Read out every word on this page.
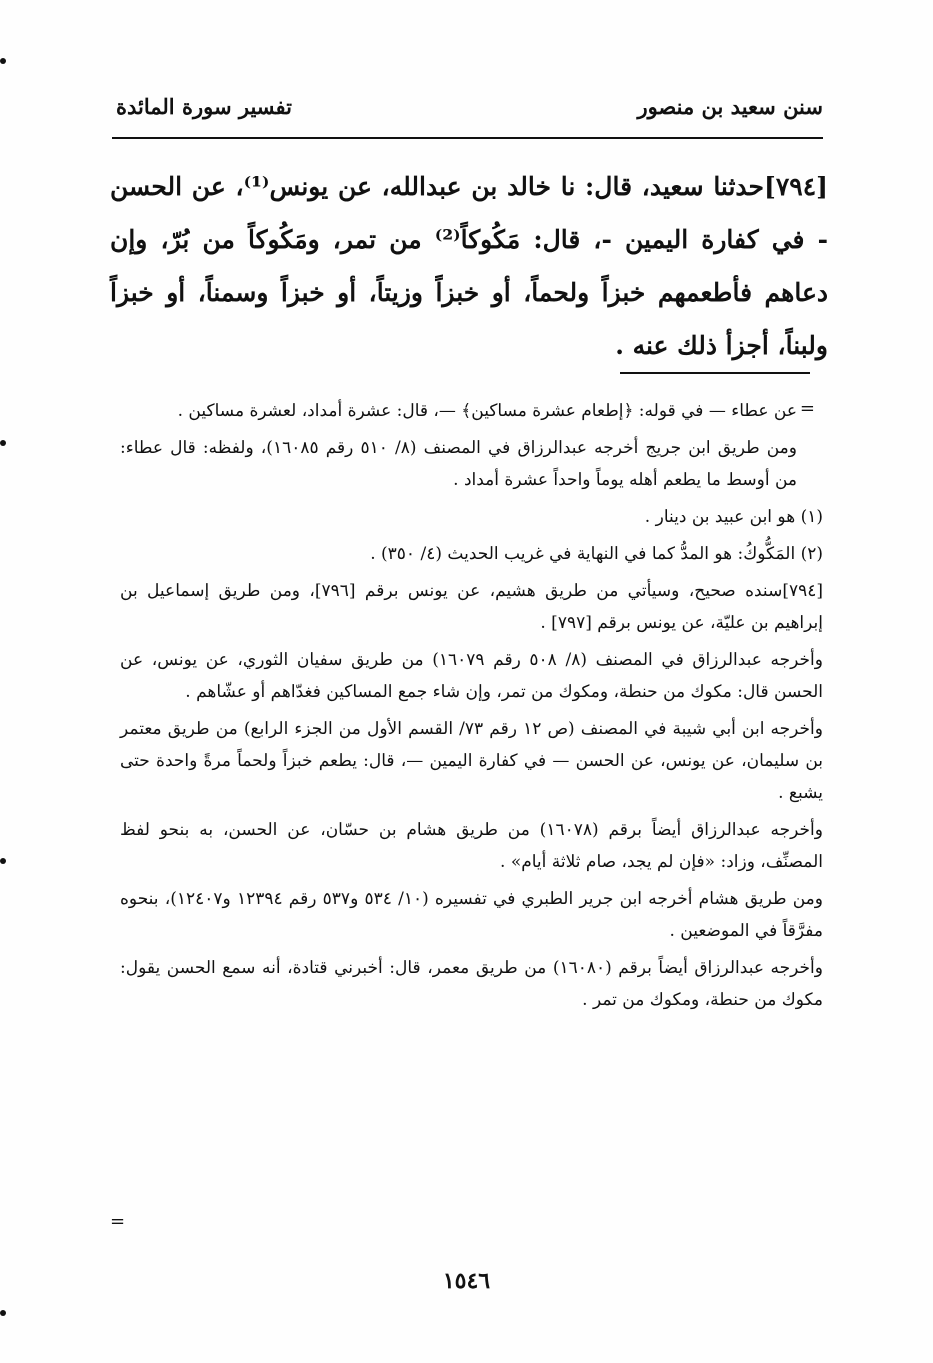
سنن سعيد بن منصور
تفسير سورة المائدة
[٧٩٤]حدثنا سعيد، قال: نا خالد بن عبدالله، عن يونس⁽¹⁾، عن الحسن - في كفارة اليمين -، قال: مَكُوكاً⁽²⁾ من تمر، ومَكُوكاً من بُرّ، وإن دعاهم فأطعمهم خبزاً ولحماً، أو خبزاً وزيتاً، أو خبزاً وسمناً، أو خبزاً ولبناً، أجزأ ذلك عنه .
=

عن عطاء — في قوله: ﴿إطعام عشرة مساكين﴾ —، قال: عشرة أمداد، لعشرة مساكين .

ومن طريق ابن جريج أخرجه عبدالرزاق في المصنف (٨/ ٥١٠ رقم ١٦٠٨٥)، ولفظه: قال عطاء: من أوسط ما يطعم أهله يوماً واحداً عشرة أمداد .

(١) هو ابن عبيد بن دينار .

(٢) المَكُّوكُ: هو المدُّ كما في النهاية في غريب الحديث (٤/ ٣٥٠) .

[٧٩٤]سنده صحيح، وسيأتي من طريق هشيم، عن يونس برقم [٧٩٦]، ومن طريق إسماعيل بن إبراهيم بن عليّة، عن يونس برقم [٧٩٧] .

وأخرجه عبدالرزاق في المصنف (٨/ ٥٠٨ رقم ١٦٠٧٩) من طريق سفيان الثوري، عن يونس، عن الحسن قال: مكوك من حنطة، ومكوك من تمر، وإن شاء جمع المساكين فغدّاهم أو عشّاهم .

وأخرجه ابن أبي شيبة في المصنف (ص ١٢ رقم ٧٣/ القسم الأول من الجزء الرابع) من طريق معتمر بن سليمان، عن يونس، عن الحسن — في كفارة اليمين —، قال: يطعم خبزاً ولحماً مرةً واحدة حتى يشبع .

وأخرجه عبدالرزاق أيضاً برقم (١٦٠٧٨) من طريق هشام بن حسّان، عن الحسن، به بنحو لفظ المصنِّف، وزاد: «فإن لم يجد، صام ثلاثة أيام» .

ومن طريق هشام أخرجه ابن جرير الطبري في تفسيره (١٠/ ٥٣٤ و٥٣٧ رقم ١٢٣٩٤ و١٢٤٠٧)، بنحوه مفرَّقاً في الموضعين .

وأخرجه عبدالرزاق أيضاً برقم (١٦٠٨٠) من طريق معمر، قال: أخبرني قتادة، أنه سمع الحسن يقول: مكوك من حنطة، ومكوك من تمر .

=
١٥٤٦
